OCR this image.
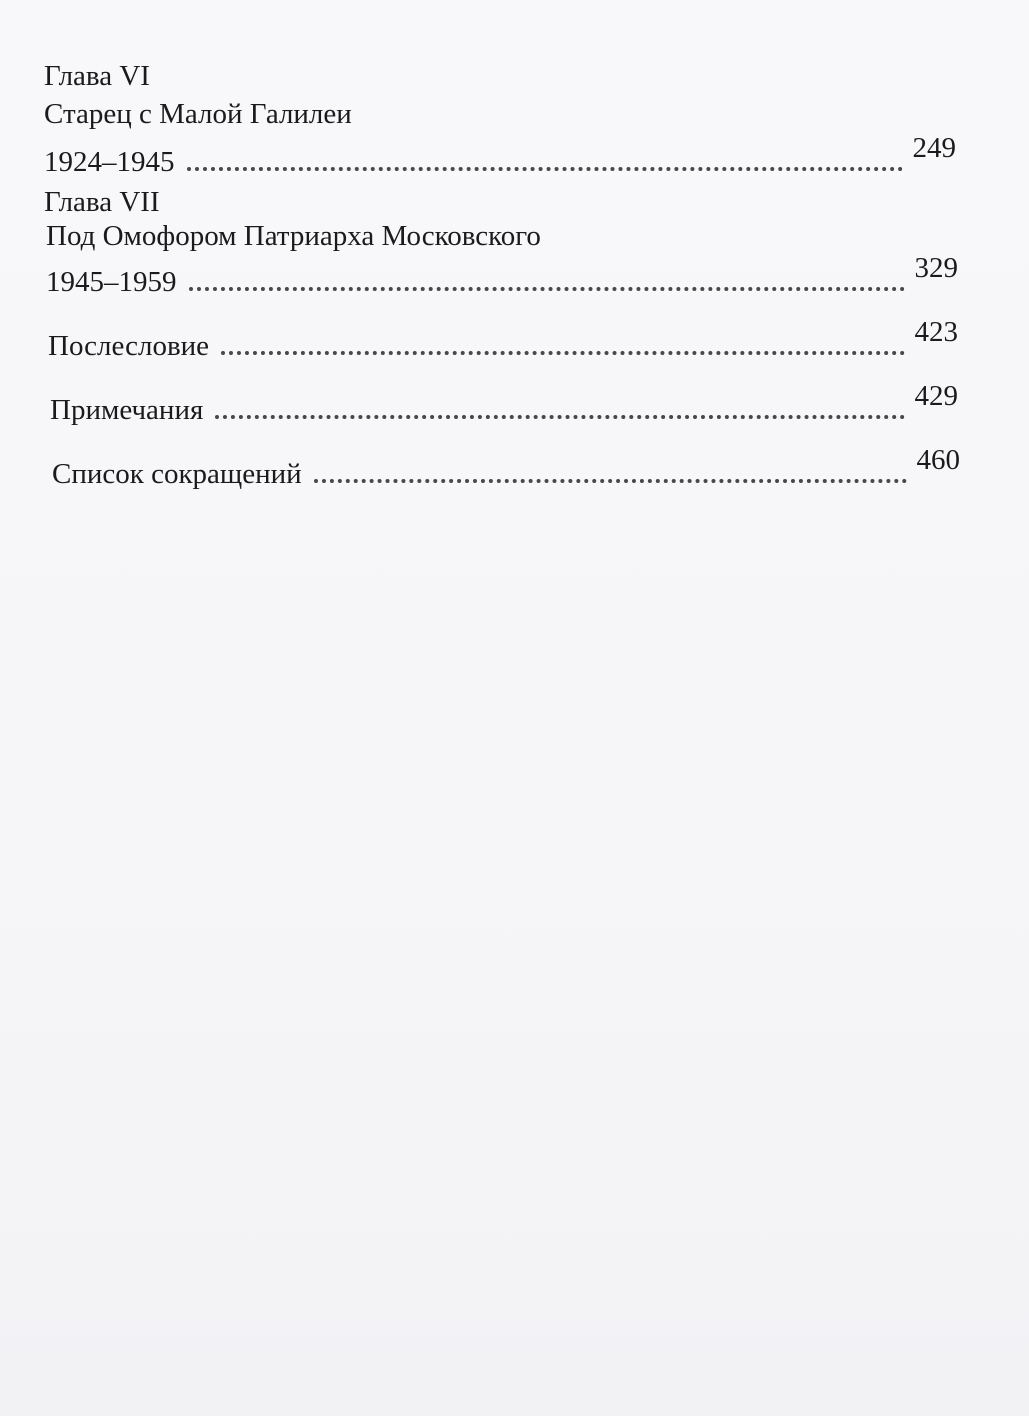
Глава VI
Старец с Малой Галилеи
1924–1945	249
Глава VII
Под Омофором Патриарха Московского
1945–1959	329
Послесловие	423
Примечания	429
Список сокращений	460
